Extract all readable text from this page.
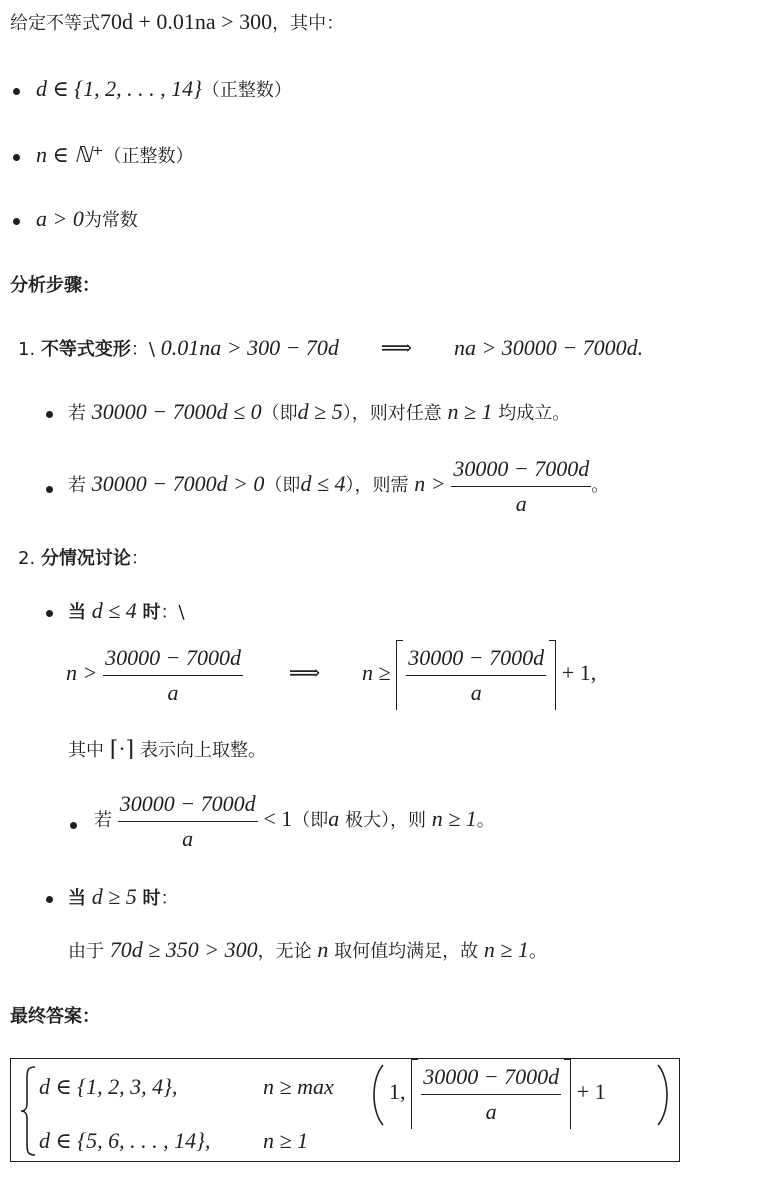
给定不等式70d + 0.01na > 300，其中：
d ∈ {1, 2, . . . , 14}（正整数）
n ∈ ℕ⁺（正整数）
a > 0为常数
分析步骤：
1. 不等式变形：\ 0.01na > 300 − 70d ⟹ na > 30000 − 7000d.
若 30000 − 7000d ≤ 0（即d ≥ 5），则对任意 n ≥ 1 均成立。
若 30000 − 7000d > 0（即d ≤ 4），则需 $n > \frac{30000 - 7000d}{a}$ 。
2. 分情况讨论：
当 d ≤ 4 时：\
$n > \frac{30000 - 7000d}{a}$ ⟹ $n \ge \frac{30000 - 7000d}{a} + 1$,
其中 ⌈·⌉ 表示向上取整。
若 $\frac{30000 - 7000d}{a} < 1$（即a 极大），则 n ≥ 1。
当 d ≥ 5 时：
由于 70d ≥ 350 > 300，无论 n 取何值均满足，故 n ≥ 1。
最终答案：
d ∈ {1, 2, 3, 4},	n ≥ max	1, $\frac{30000 - 7000d}{a} + 1$
d ∈ {5, 6, . . . , 14}, n ≥ 1
